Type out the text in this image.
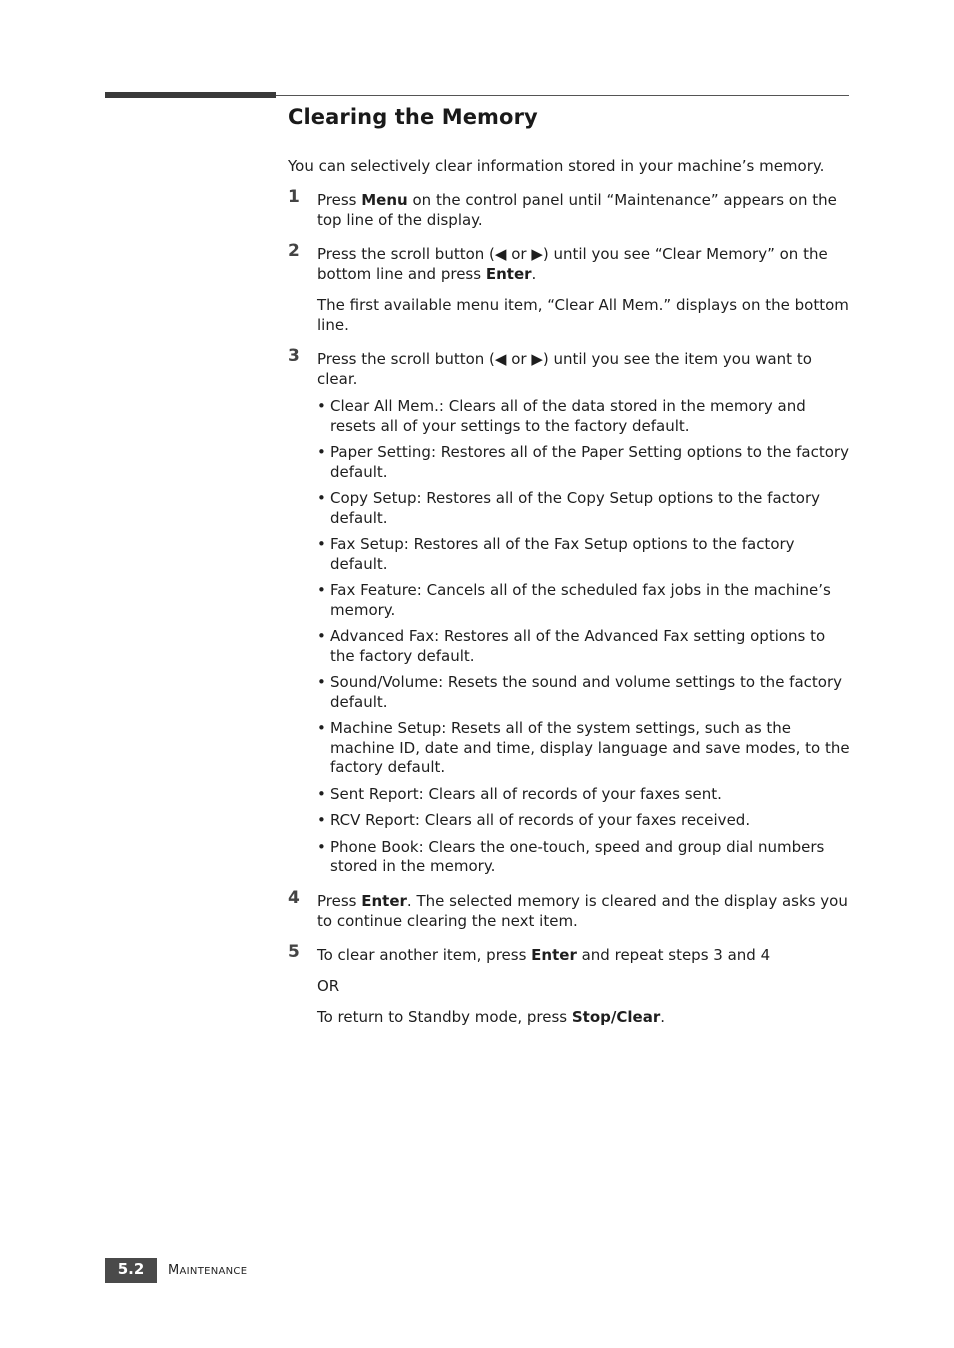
Clearing the Memory

You can selectively clear information stored in your machine’s memory.

1 Press Menu on the control panel until “Maintenance” appears on the top line of the display.

2 Press the scroll button (◀ or ▶) until you see “Clear Memory” on the bottom line and press Enter.

The first available menu item, “Clear All Mem.” displays on the bottom line.

3 Press the scroll button (◀ or ▶) until you see the item you want to clear.

• Clear All Mem.: Clears all of the data stored in the memory and resets all of your settings to the factory default.
• Paper Setting: Restores all of the Paper Setting options to the factory default.
• Copy Setup: Restores all of the Copy Setup options to the factory default.
• Fax Setup: Restores all of the Fax Setup options to the factory default.
• Fax Feature: Cancels all of the scheduled fax jobs in the machine’s memory.
• Advanced Fax: Restores all of the Advanced Fax setting options to the factory default.
• Sound/Volume: Resets the sound and volume settings to the factory default.
• Machine Setup: Resets all of the system settings, such as the machine ID, date and time, display language and save modes, to the factory default.
• Sent Report: Clears all of records of your faxes sent.
• RCV Report: Clears all of records of your faxes received.
• Phone Book: Clears the one-touch, speed and group dial numbers stored in the memory.
4 Press Enter. The selected memory is cleared and the display asks you to continue clearing the next item.

5 To clear another item, press Enter and repeat steps 3 and 4

OR

To return to Standby mode, press Stop/Clear.

5.2	MAINTENANCE
